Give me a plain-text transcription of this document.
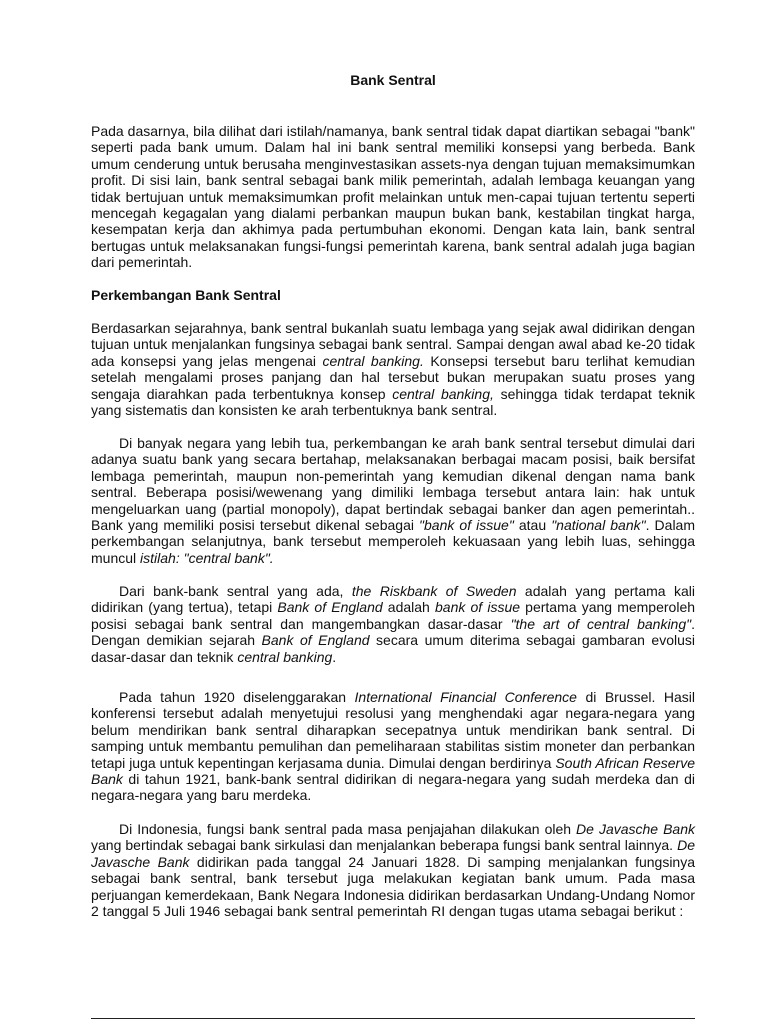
Bank Sentral

Pada dasarnya, bila dilihat dari istilah/namanya, bank sentral tidak dapat diartikan sebagai "bank" seperti pada bank umum. Dalam hal ini bank sentral memiliki konsepsi yang berbeda. Bank umum cenderung untuk berusaha menginvestasikan assets-nya dengan tujuan memaksimumkan profit. Di sisi lain, bank sentral sebagai bank milik pemerintah, adalah lembaga keuangan yang tidak bertujuan untuk memaksimumkan profit melainkan untuk men-capai tujuan tertentu seperti mencegah kegagalan yang dialami perbankan maupun bukan bank, kestabilan tingkat harga, kesempatan kerja dan akhimya pada pertumbuhan ekonomi. Dengan kata lain, bank sentral bertugas untuk melaksanakan fungsi-fungsi pemerintah karena, bank sentral adalah juga bagian dari pemerintah.

Perkembangan Bank Sentral

Berdasarkan sejarahnya, bank sentral bukanlah suatu lembaga yang sejak awal didirikan dengan tujuan untuk menjalankan fungsinya sebagai bank sentral. Sampai dengan awal abad ke-20 tidak ada konsepsi yang jelas mengenai central banking. Konsepsi tersebut baru terlihat kemudian setelah mengalami proses panjang dan hal tersebut bukan merupakan suatu proses yang sengaja diarahkan pada terbentuknya konsep central banking, sehingga tidak terdapat teknik yang sistematis dan konsisten ke arah terbentuknya bank sentral.

Di banyak negara yang lebih tua, perkembangan ke arah bank sentral tersebut dimulai dari adanya suatu bank yang secara bertahap, melaksanakan berbagai macam posisi, baik bersifat lembaga pemerintah, maupun non-pemerintah yang kemudian dikenal dengan nama bank sentral. Beberapa posisi/wewenang yang dimiliki lembaga tersebut antara lain: hak untuk mengeluarkan uang (partial monopoly), dapat bertindak sebagai banker dan agen pemerintah.. Bank yang memiliki posisi tersebut dikenal sebagai "bank of issue" atau "national bank". Dalam perkembangan selanjutnya, bank tersebut memperoleh kekuasaan yang lebih luas, sehingga muncul istilah: "central bank".

Dari bank-bank sentral yang ada, the Riskbank of Sweden adalah yang pertama kali didirikan (yang tertua), tetapi Bank of England adalah bank of issue pertama yang memperoleh posisi sebagai bank sentral dan mangembangkan dasar-dasar "the art of central banking". Dengan demikian sejarah Bank of England secara umum diterima sebagai gambaran evolusi dasar-dasar dan teknik central banking.

Pada tahun 1920 diselenggarakan International Financial Conference di Brussel. Hasil konferensi tersebut adalah menyetujui resolusi yang menghendaki agar negara-negara yang belum mendirikan bank sentral diharapkan secepatnya untuk mendirikan bank sentral. Di samping untuk membantu pemulihan dan pemeliharaan stabilitas sistim moneter dan perbankan tetapi juga untuk kepentingan kerjasama dunia. Dimulai dengan berdirinya South African Reserve Bank di tahun 1921, bank-bank sentral didirikan di negara-negara yang sudah merdeka dan di negara-negara yang baru merdeka.

Di Indonesia, fungsi bank sentral pada masa penjajahan dilakukan oleh De Javasche Bank yang bertindak sebagai bank sirkulasi dan menjalankan beberapa fungsi bank sentral lainnya. De Javasche Bank didirikan pada tanggal 24 Januari 1828. Di samping menjalankan fungsinya sebagai bank sentral, bank tersebut juga melakukan kegiatan bank umum. Pada masa perjuangan kemerdekaan, Bank Negara Indonesia didirikan berdasarkan Undang-Undang Nomor 2 tanggal 5 Juli 1946 sebagai bank sentral pemerintah RI dengan tugas utama sebagai berikut :
